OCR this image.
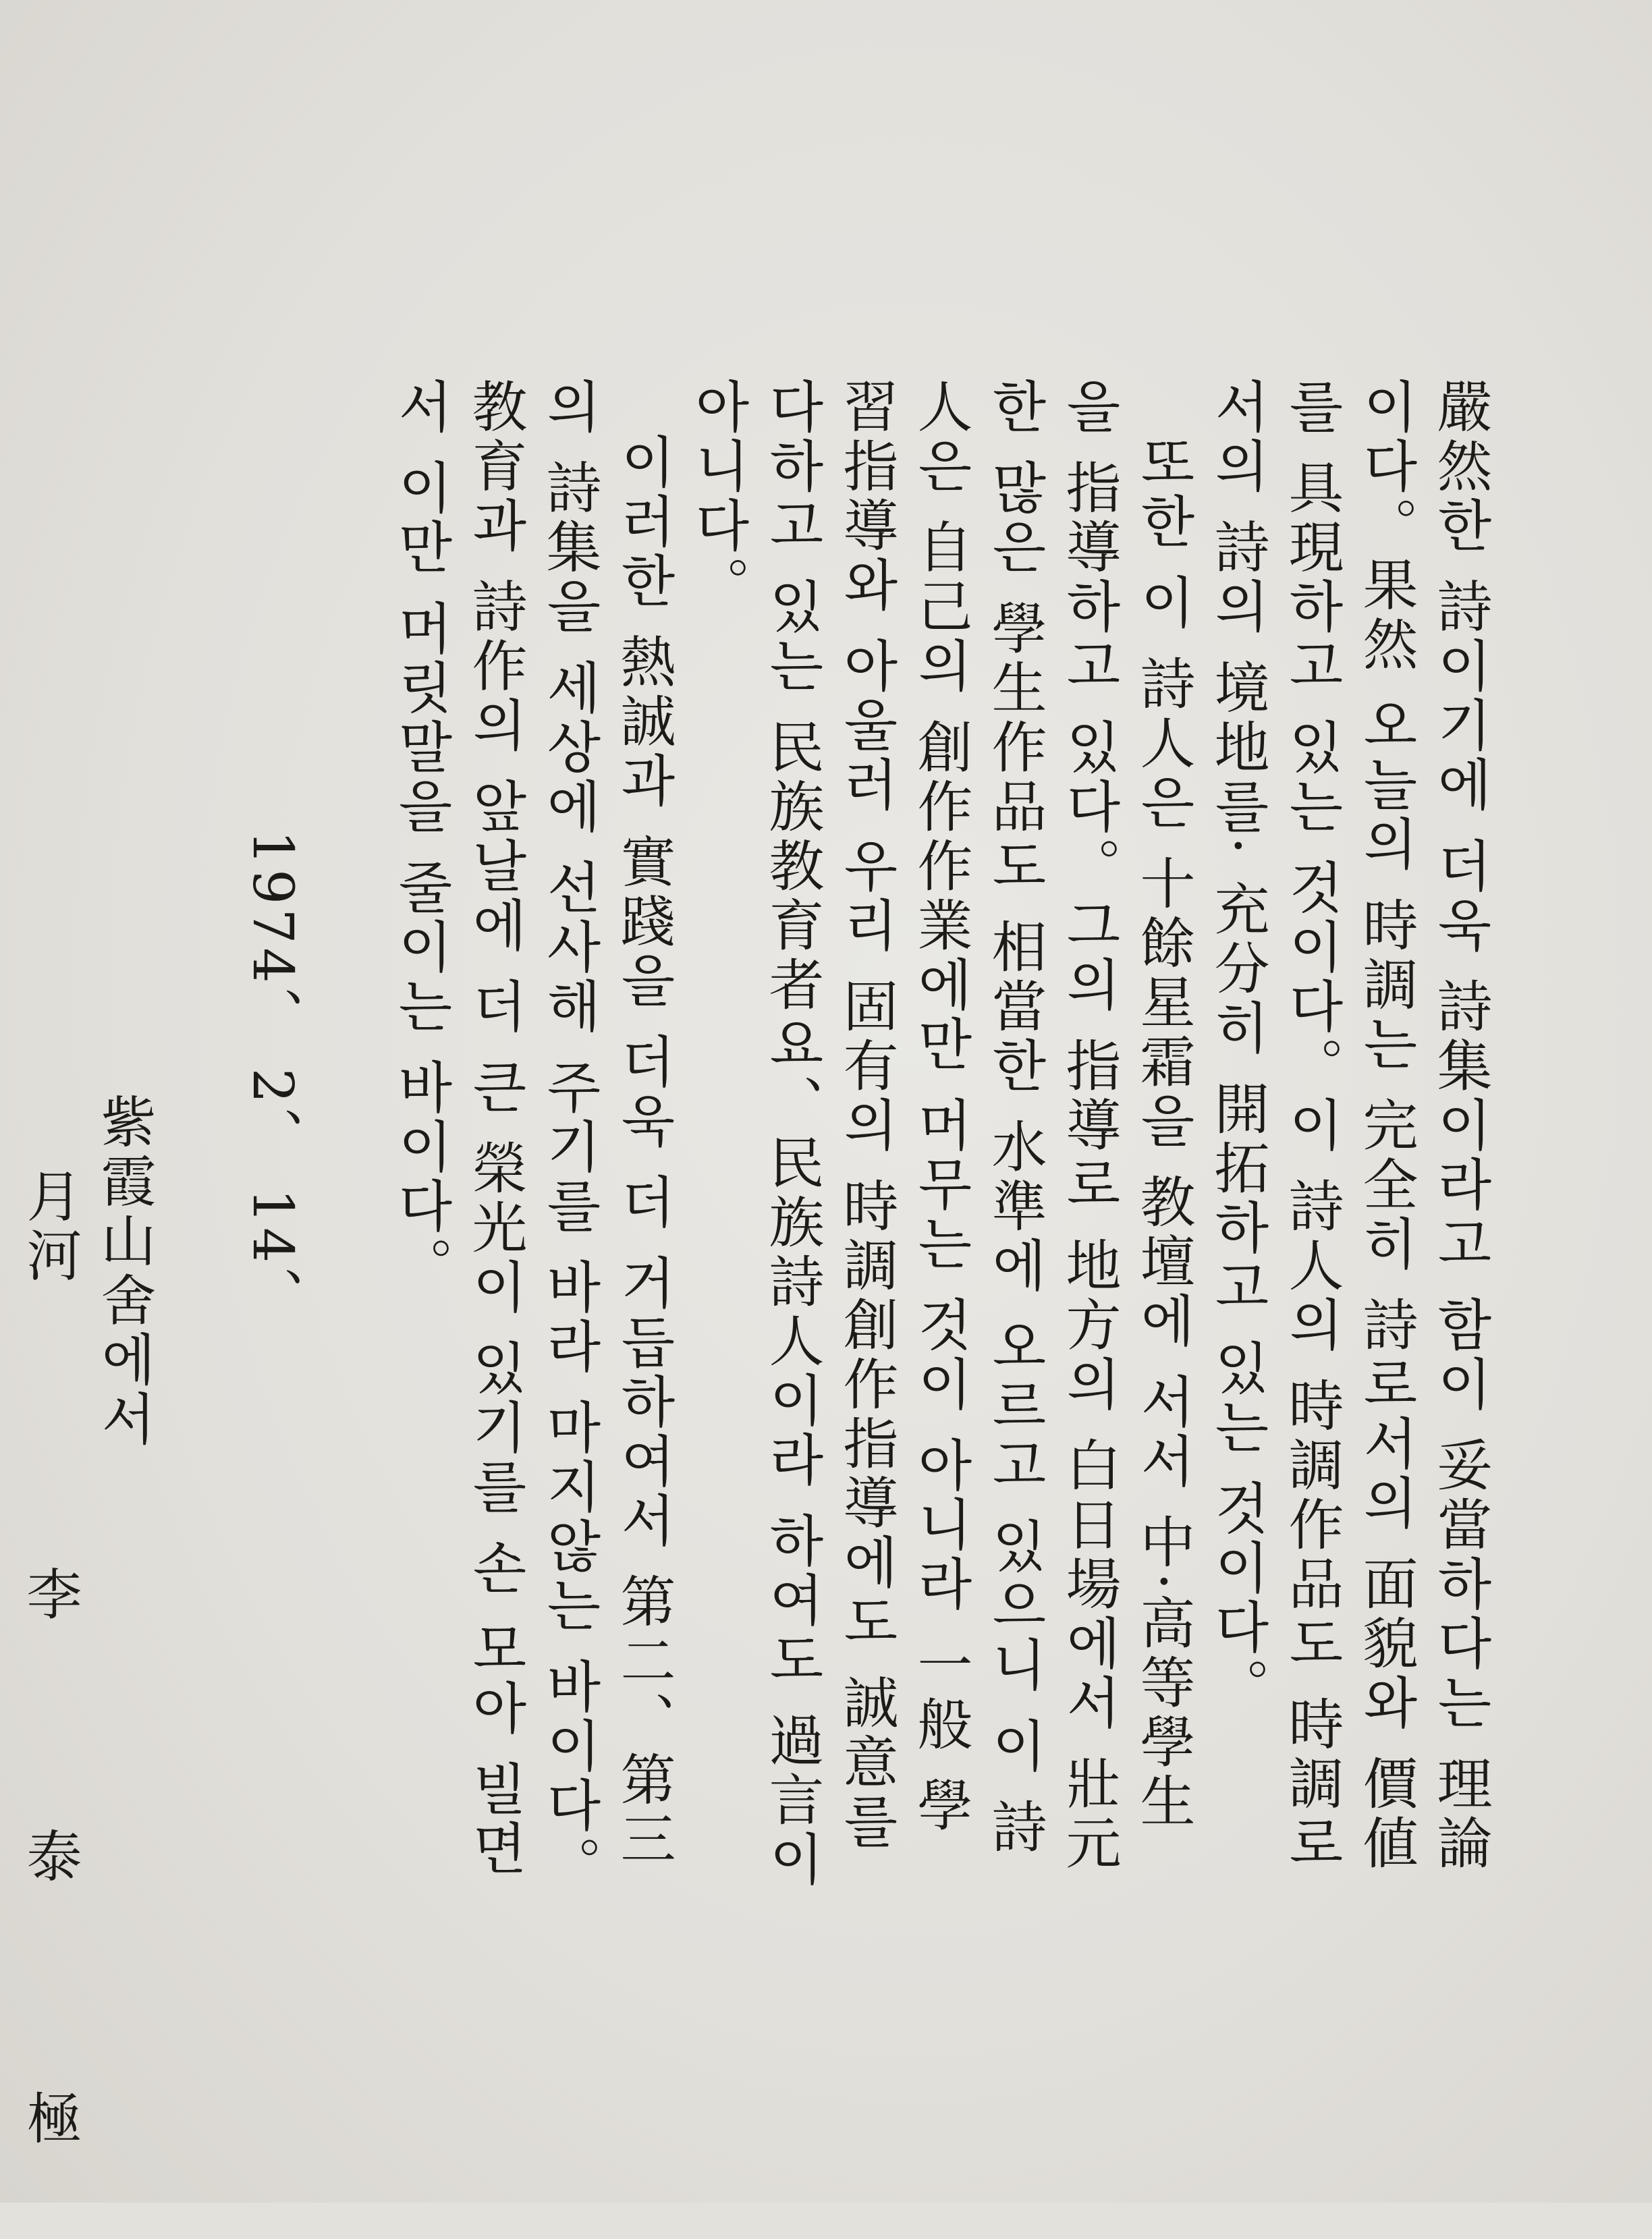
嚴然한 詩이기에 더욱 詩集이라고 함이 妥當하다는 理論
이다。果然 오늘의 時調는 完全히 詩로서의 面貌와 價値
를 具現하고 있는 것이다。이 詩人의 時調作品도 時調로
서의 詩의 境地를· 充分히 開拓하고 있는 것이다。
또한 이 詩人은 十餘星霜을 教壇에 서서 中·高等學生
을 指導하고 있다。그의 指導로 地方의 白日場에서 壯元
한 많은 學生作品도 相當한 水準에 오르고 있으니 이 詩
人은 自己의 創作作業에만 머무는 것이 아니라 一般 學
習指導와 아울러 우리 固有의 時調創作指導에도 誠意를
다하고 있는 民族教育者요、民族詩人이라 하여도 過言이
아니다。
이러한 熱誠과 實踐을 더욱 더 거듭하여서 第二、第三
의 詩集을 세상에 선사해 주기를 바라 마지않는 바이다。
教育과 詩作의 앞날에 더 큰 榮光이 있기를 손 모아 빌면
서 이만 머릿말을 줄이는 바이다。
1974、 2、 14、
紫霞山舍에서
月河
李 泰 極
